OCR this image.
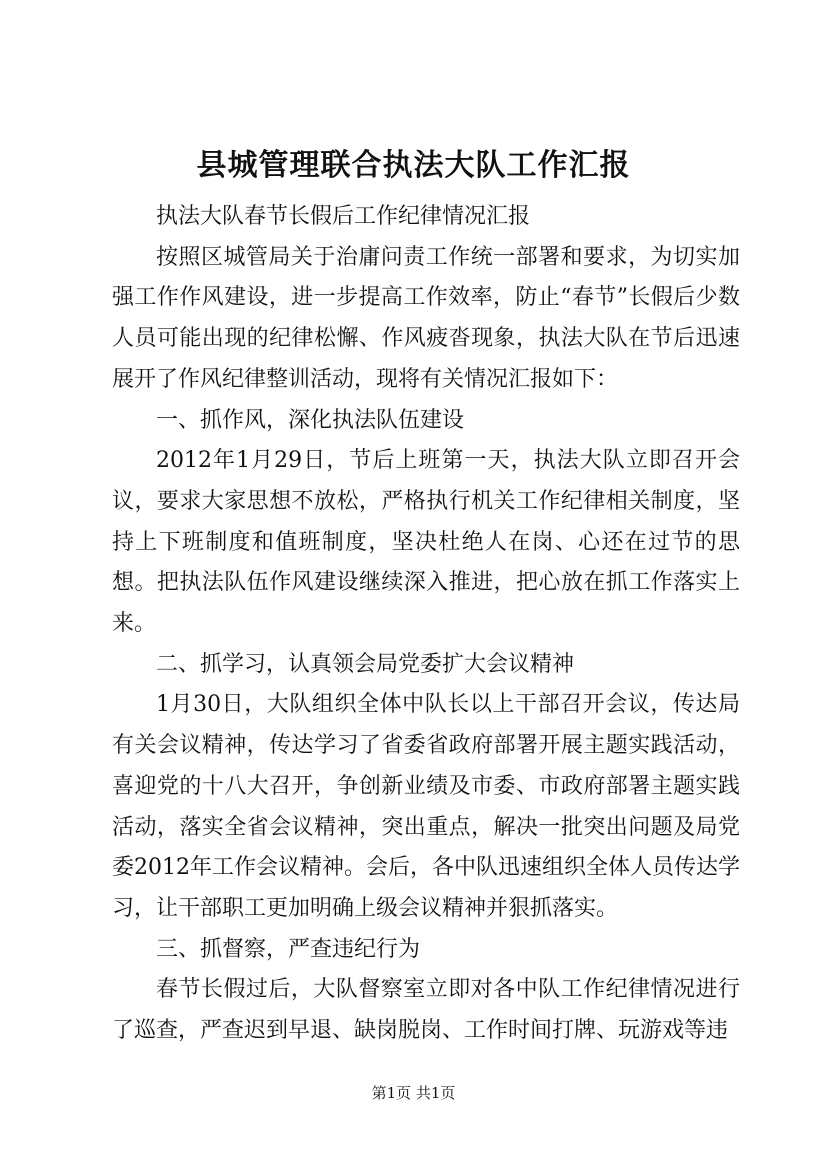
县城管理联合执法大队工作汇报

执法大队春节长假后工作纪律情况汇报

按照区城管局关于治庸问责工作统一部署和要求，为切实加强工作作风建设，进一步提高工作效率，防止“春节”长假后少数人员可能出现的纪律松懈、作风疲沓现象，执法大队在节后迅速展开了作风纪律整训活动，现将有关情况汇报如下：

一、抓作风，深化执法队伍建设

2012年1月29日，节后上班第一天，执法大队立即召开会议，要求大家思想不放松，严格执行机关工作纪律相关制度，坚持上下班制度和值班制度，坚决杜绝人在岗、心还在过节的思想。把执法队伍作风建设继续深入推进，把心放在抓工作落实上来。

二、抓学习，认真领会局党委扩大会议精神

1月30日，大队组织全体中队长以上干部召开会议，传达局有关会议精神，传达学习了省委省政府部署开展主题实践活动，喜迎党的十八大召开，争创新业绩及市委、市政府部署主题实践活动，落实全省会议精神，突出重点，解决一批突出问题及局党委2012年工作会议精神。会后，各中队迅速组织全体人员传达学习，让干部职工更加明确上级会议精神并狠抓落实。

三、抓督察，严查违纪行为

春节长假过后，大队督察室立即对各中队工作纪律情况进行了巡查，严查迟到早退、缺岗脱岗、工作时间打牌、玩游戏等违

第1页 共1页
